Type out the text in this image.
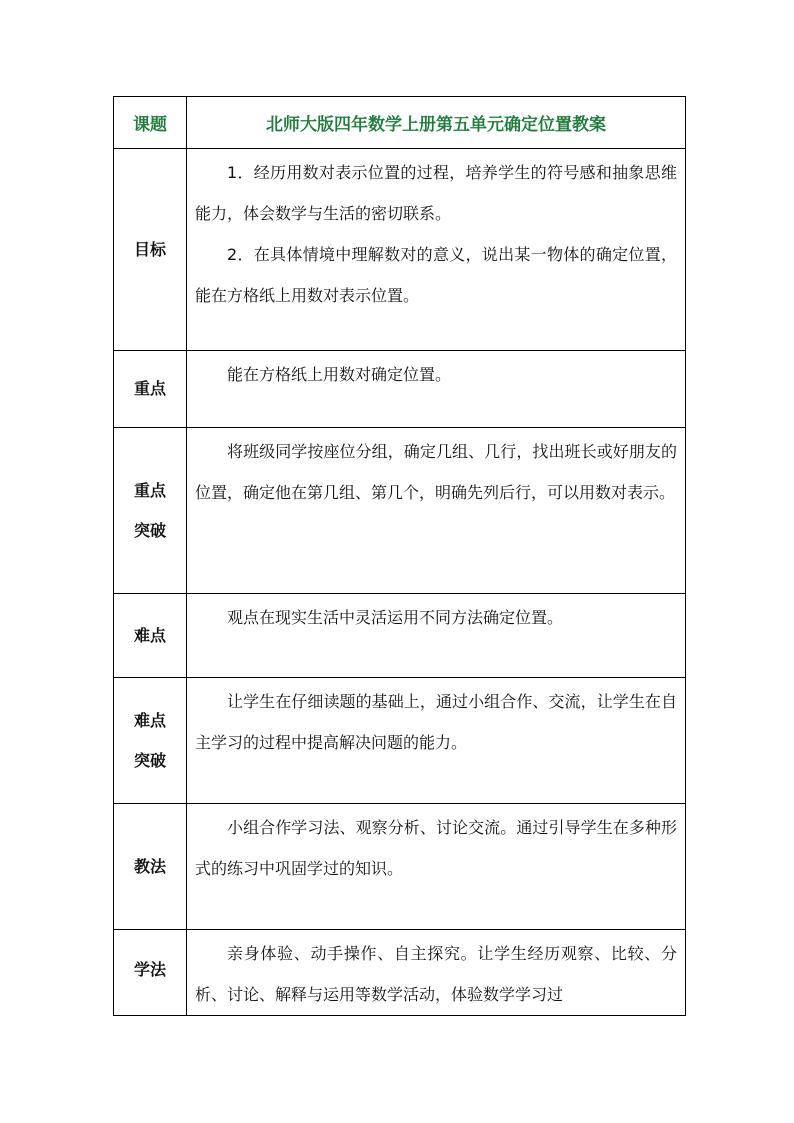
课题	北师大版四年数学上册第五单元确定位置教案

目标	1．经历用数对表示位置的过程，培养学生的符号感和抽象思维能力，体会数学与生活的密切联系。

2．在具体情境中理解数对的意义，说出某一物体的确定位置，能在方格纸上用数对表示位置。

重点	能在方格纸上用数对确定位置。

重点
突破	将班级同学按座位分组，确定几组、几行，找出班长或好朋友的位置，确定他在第几组、第几个，明确先列后行，可以用数对表示。

难点	观点在现实生活中灵活运用不同方法确定位置。

难点
突破	让学生在仔细读题的基础上，通过小组合作、交流，让学生在自主学习的过程中提高解决问题的能力。

教法	小组合作学习法、观察分析、讨论交流。通过引导学生在多种形式的练习中巩固学过的知识。

学法	亲身体验、动手操作、自主探究。让学生经历观察、比较、分析、讨论、解释与运用等数学活动，体验数学学习过
